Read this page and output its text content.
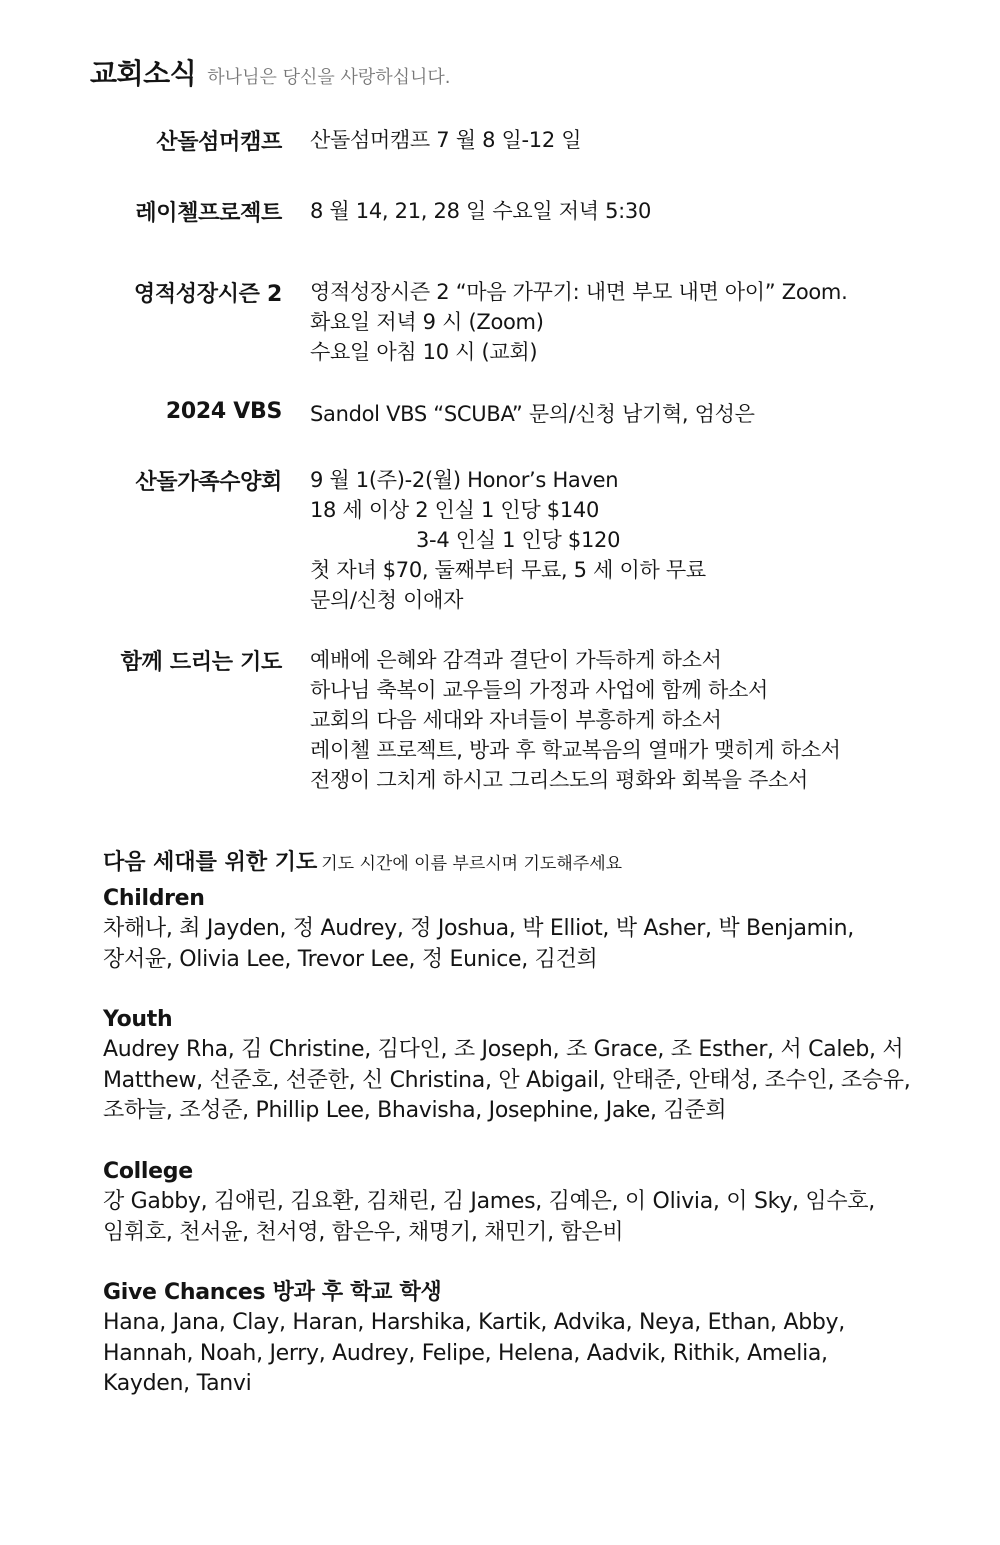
교회소식 하나님은 당신을 사랑하십니다.
산돌섬머캠프 산돌섬머캠프 7 월 8 일-12 일
레이첼프로젝트 8 월 14, 21, 28 일 수요일 저녁 5:30
영적성장시즌 2 영적성장시즌 2 “마음 가꾸기: 내면 부모 내면 아이” Zoom.
화요일 저녁 9 시 (Zoom)
수요일 아침 10 시 (교회)
2024 VBS Sandol VBS “SCUBA” 문의/신청 남기혁, 엄성은
산돌가족수양회 9 월 1(주)-2(월) Honor’s Haven
18 세 이상 2 인실 1 인당 $140
3-4 인실 1 인당 $120
첫 자녀 $70, 둘째부터 무료, 5 세 이하 무료
문의/신청 이애자
함께 드리는 기도 예배에 은혜와 감격과 결단이 가득하게 하소서
하나님 축복이 교우들의 가정과 사업에 함께 하소서
교회의 다음 세대와 자녀들이 부흥하게 하소서
레이첼 프로젝트, 방과 후 학교복음의 열매가 맺히게 하소서
전쟁이 그치게 하시고 그리스도의 평화와 회복을 주소서
다음 세대를 위한 기도 기도 시간에 이름 부르시며 기도해주세요
Children
차해나, 최 Jayden, 정 Audrey, 정 Joshua, 박 Elliot, 박 Asher, 박 Benjamin,
장서윤, Olivia Lee, Trevor Lee, 정 Eunice, 김건희
Youth
Audrey Rha, 김 Christine, 김다인, 조 Joseph, 조 Grace, 조 Esther, 서 Caleb, 서
Matthew, 선준호, 선준한, 신 Christina, 안 Abigail, 안태준, 안태성, 조수인, 조승유,
조하늘, 조성준, Phillip Lee, Bhavisha, Josephine, Jake, 김준희
College
강 Gabby, 김애린, 김요환, 김채린, 김 James, 김예은, 이 Olivia, 이 Sky, 임수호,
임휘호, 천서윤, 천서영, 함은우, 채명기, 채민기, 함은비
Give Chances 방과 후 학교 학생
Hana, Jana, Clay, Haran, Harshika, Kartik, Advika, Neya, Ethan, Abby,
Hannah, Noah, Jerry, Audrey, Felipe, Helena, Aadvik, Rithik, Amelia,
Kayden, Tanvi
